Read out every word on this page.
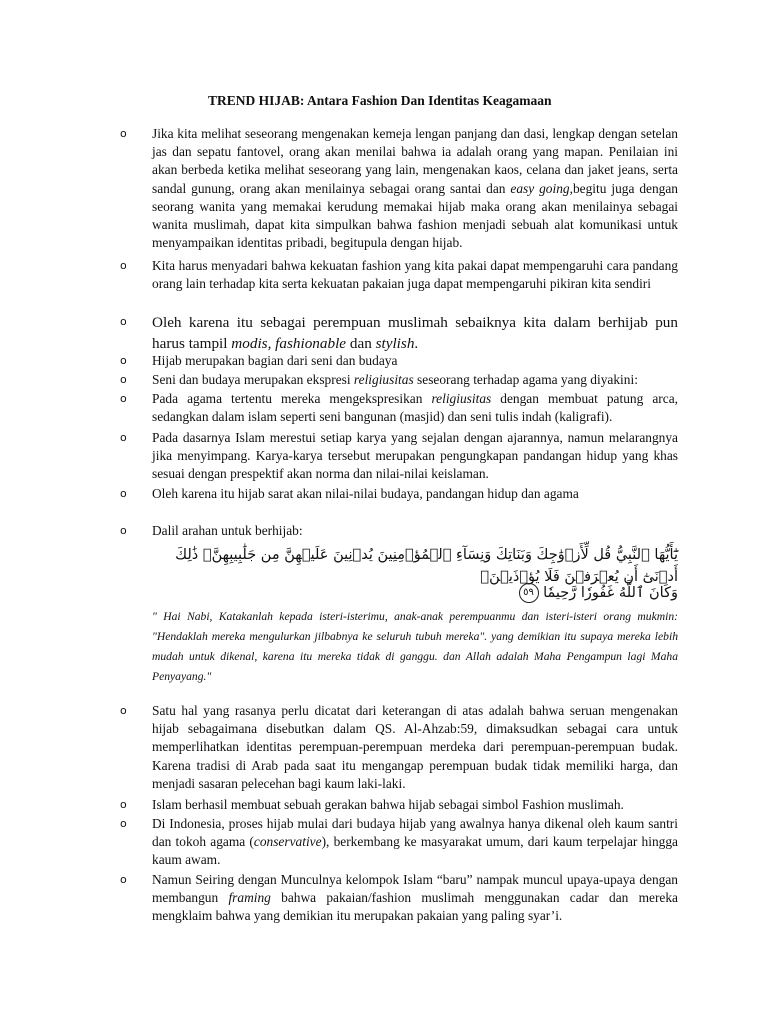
TREND HIJAB: Antara Fashion Dan Identitas Keagamaan
o Jika kita melihat seseorang mengenakan kemeja lengan panjang dan dasi, lengkap dengan setelan jas dan sepatu fantovel, orang akan menilai bahwa ia adalah orang yang mapan. Penilaian ini akan berbeda ketika melihat seseorang yang lain, mengenakan kaos, celana dan jaket jeans, serta sandal gunung, orang akan menilainya sebagai orang santai dan easy going,begitu juga dengan seorang wanita yang memakai kerudung memakai hijab maka orang akan menilainya sebagai wanita muslimah, dapat kita simpulkan bahwa fashion menjadi sebuah alat komunikasi untuk menyampaikan identitas pribadi, begitupula dengan hijab.
o Kita harus menyadari bahwa kekuatan fashion yang kita pakai dapat mempengaruhi cara pandang orang lain terhadap kita serta kekuatan pakaian juga dapat mempengaruhi pikiran kita sendiri
o Oleh karena itu sebagai perempuan muslimah sebaiknya kita dalam berhijab pun harus tampil modis, fashionable dan stylish.
o Hijab merupakan bagian dari seni dan budaya
o Seni dan budaya merupakan ekspresi religiusitas seseorang terhadap agama yang diyakini:
o Pada agama tertentu mereka mengekspresikan religiusitas dengan membuat patung arca, sedangkan dalam islam seperti seni bangunan (masjid) dan seni tulis indah (kaligrafi).
o Pada dasarnya Islam merestui setiap karya yang sejalan dengan ajarannya, namun melarangnya jika menyimpang. Karya-karya tersebut merupakan pengungkapan pandangan hidup yang khas sesuai dengan prespektif akan norma dan nilai-nilai keislaman.
o Oleh karena itu hijab sarat akan nilai-nilai budaya, pandangan hidup dan agama
o Dalil arahan untuk berhijab:
يَٰٓأَيُّهَا ٱلنَّبِيُّ قُل لِّأَزۡوَٰجِكَ وَبَنَاتِكَ وَنِسَآءِ ٱلۡمُؤۡمِنِينَ يُدۡنِينَ عَلَيۡهِنَّ مِن جَلَٰبِيبِهِنَّۚ ذَٰلِكَ أَدۡنَىٰٓ أَن يُعۡرَفۡنَ فَلَا يُؤۡذَيۡنَۗ
وَكَانَ ٱللَّهُ غَفُورٗا رَّحِيمٗا ٥٩
" Hai Nabi, Katakanlah kepada isteri-isterimu, anak-anak perempuanmu dan isteri-isteri orang mukmin: "Hendaklah mereka mengulurkan jilbabnya ke seluruh tubuh mereka". yang demikian itu supaya mereka lebih mudah untuk dikenal, karena itu mereka tidak di ganggu. dan Allah adalah Maha Pengampun lagi Maha Penyayang."
o Satu hal yang rasanya perlu dicatat dari keterangan di atas adalah bahwa seruan mengenakan hijab sebagaimana disebutkan dalam QS. Al-Ahzab:59, dimaksudkan sebagai cara untuk memperlihatkan identitas perempuan-perempuan merdeka dari perempuan-perempuan budak. Karena tradisi di Arab pada saat itu mengangap perempuan budak tidak memiliki harga, dan menjadi sasaran pelecehan bagi kaum laki-laki.
o Islam berhasil membuat sebuah gerakan bahwa hijab sebagai simbol Fashion muslimah.
o Di Indonesia, proses hijab mulai dari budaya hijab yang awalnya hanya dikenal oleh kaum santri dan tokoh agama (conservative), berkembang ke masyarakat umum, dari kaum terpelajar hingga kaum awam.
o Namun Seiring dengan Munculnya kelompok Islam “baru” nampak muncul upaya-upaya dengan membangun framing bahwa pakaian/fashion muslimah menggunakan cadar dan mereka mengklaim bahwa yang demikian itu merupakan pakaian yang paling syar’i.
